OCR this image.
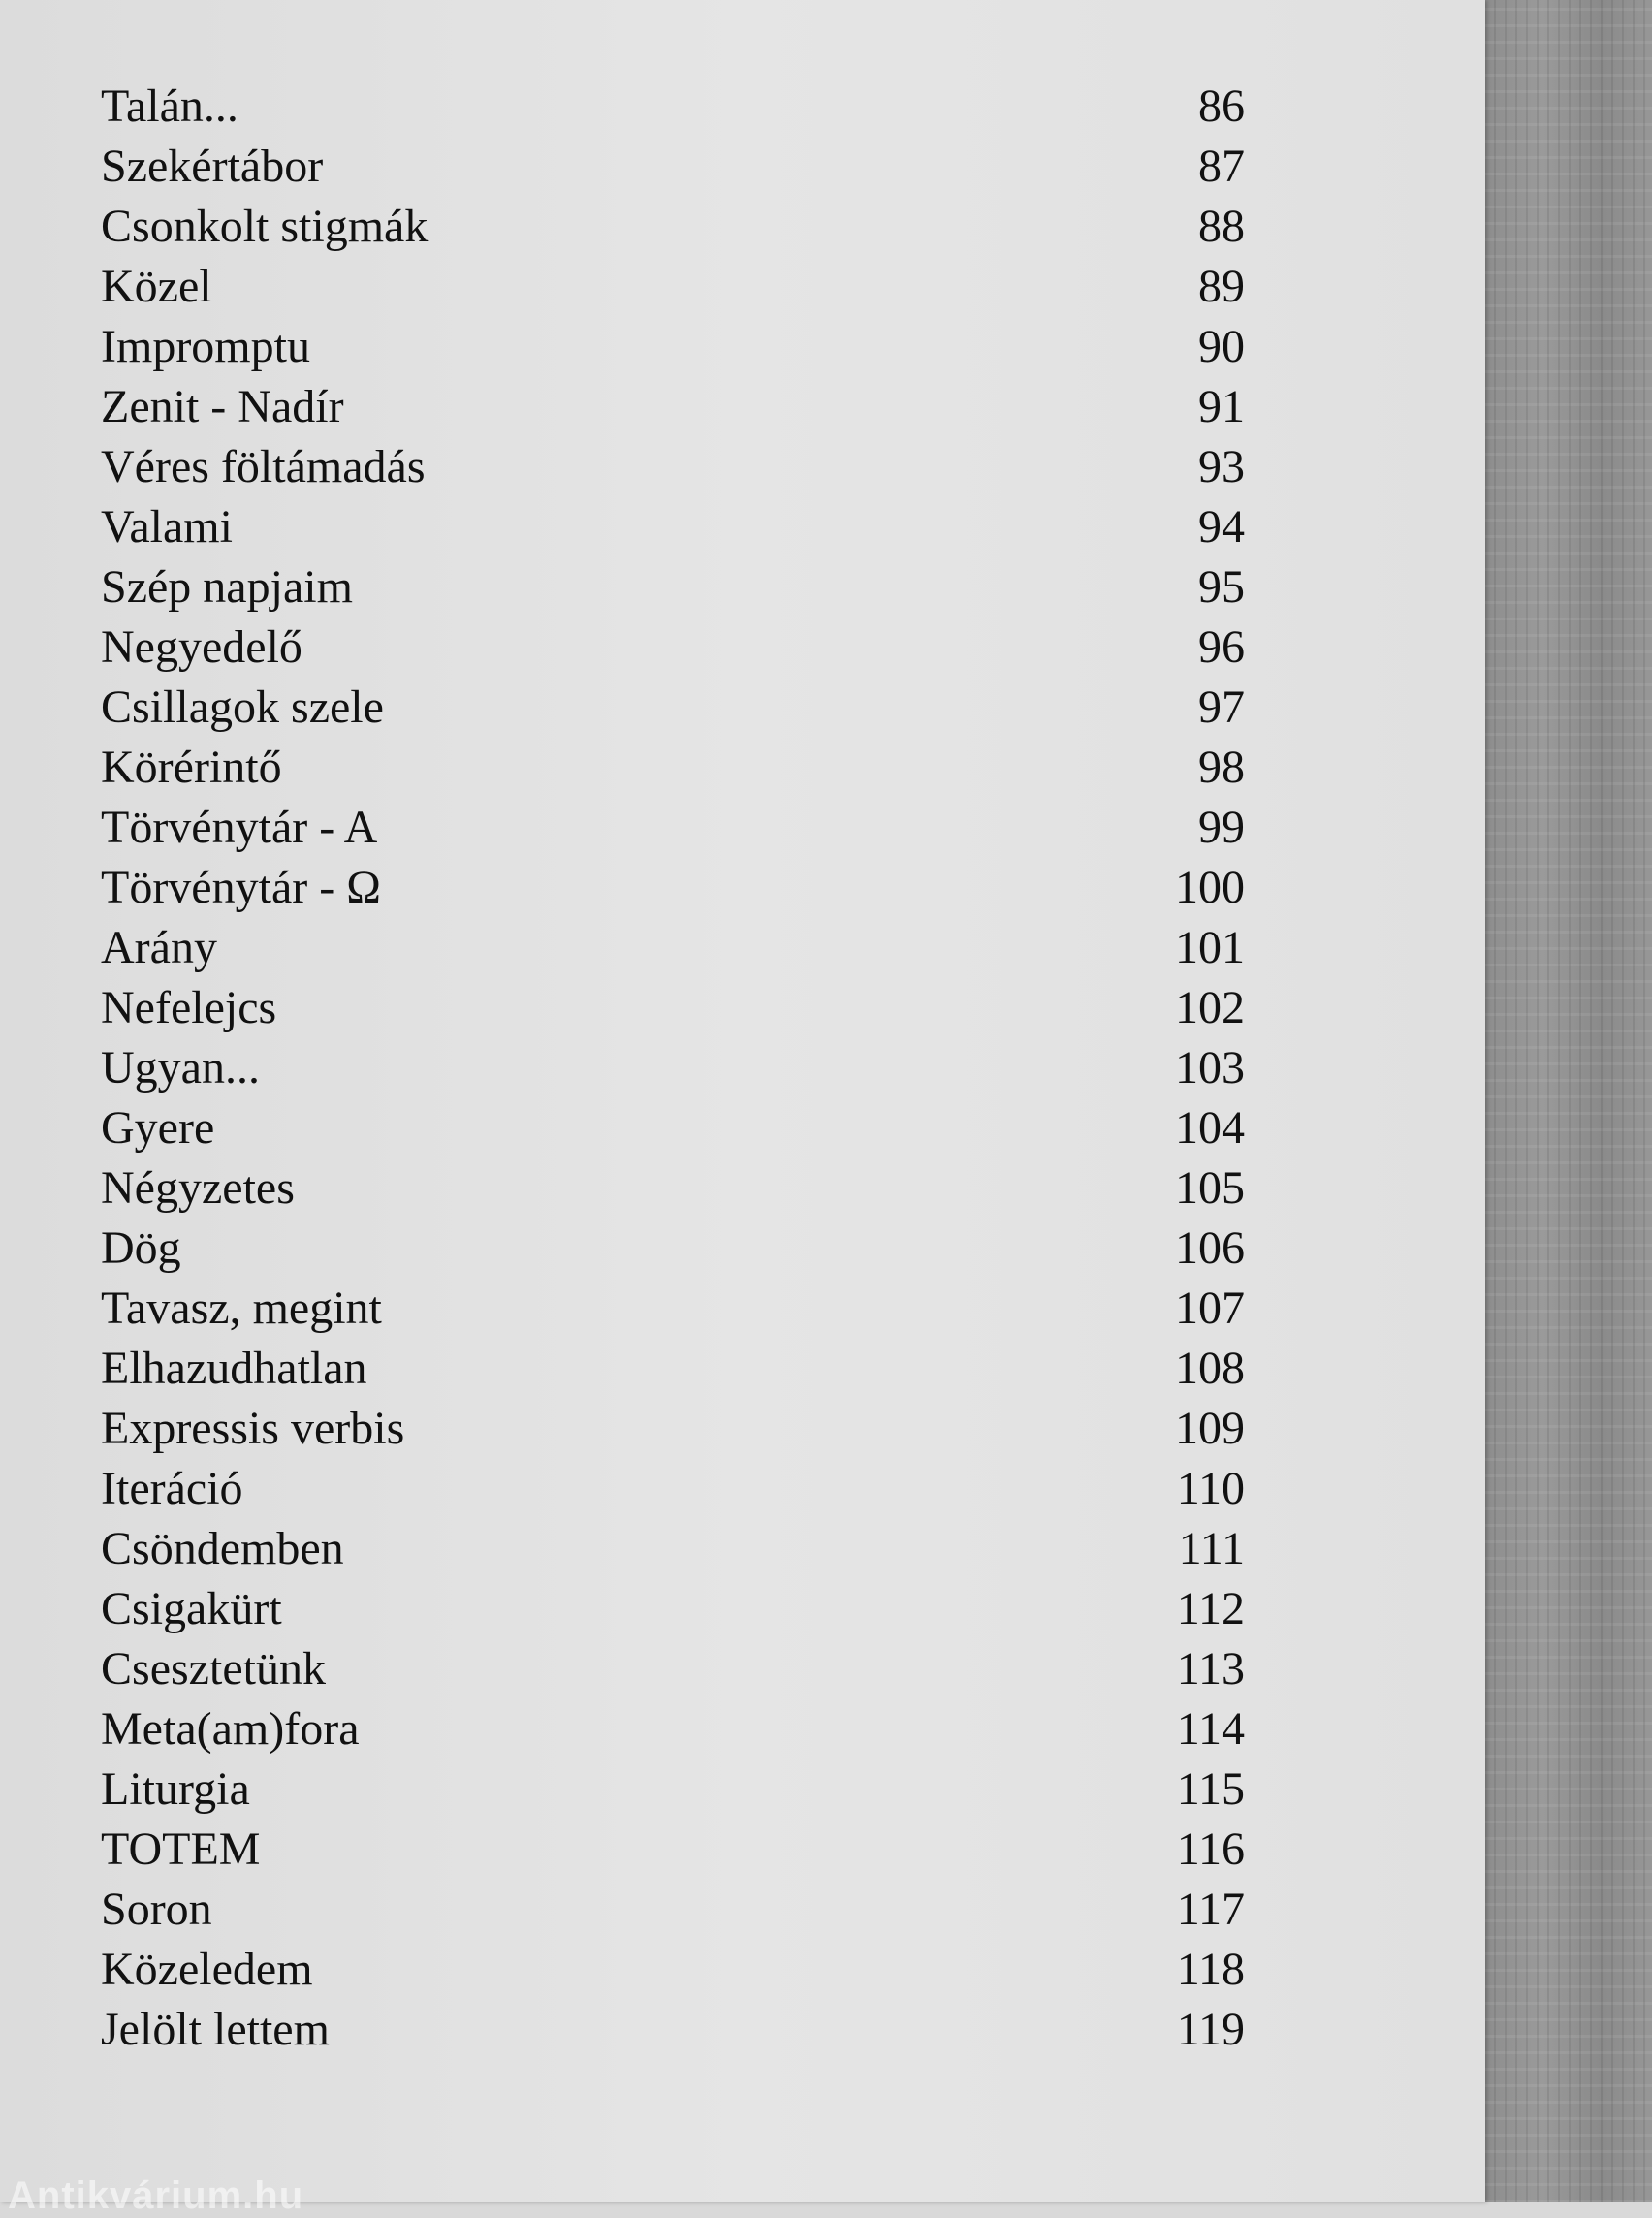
Talán...	86
Szekértábor	87
Csonkolt stigmák	88
Közel	89
Impromptu	90
Zenit - Nadír	91
Véres föltámadás	93
Valami	94
Szép napjaim	95
Negyedelő	96
Csillagok szele	97
Körérintő	98
Törvénytár - A	99
Törvénytár - Ω	100
Arány	101
Nefelejcs	102
Ugyan...	103
Gyere	104
Négyzetes	105
Dög	106
Tavasz, megint	107
Elhazudhatlan	108
Expressis verbis	109
Iteráció	110
Csöndemben	111
Csigakürt	112
Csesztetünk	113
Meta(am)fora	114
Liturgia	115
TOTEM	116
Soron	117
Közeledem	118
Jelölt lettem	119
Antikvárium.hu
